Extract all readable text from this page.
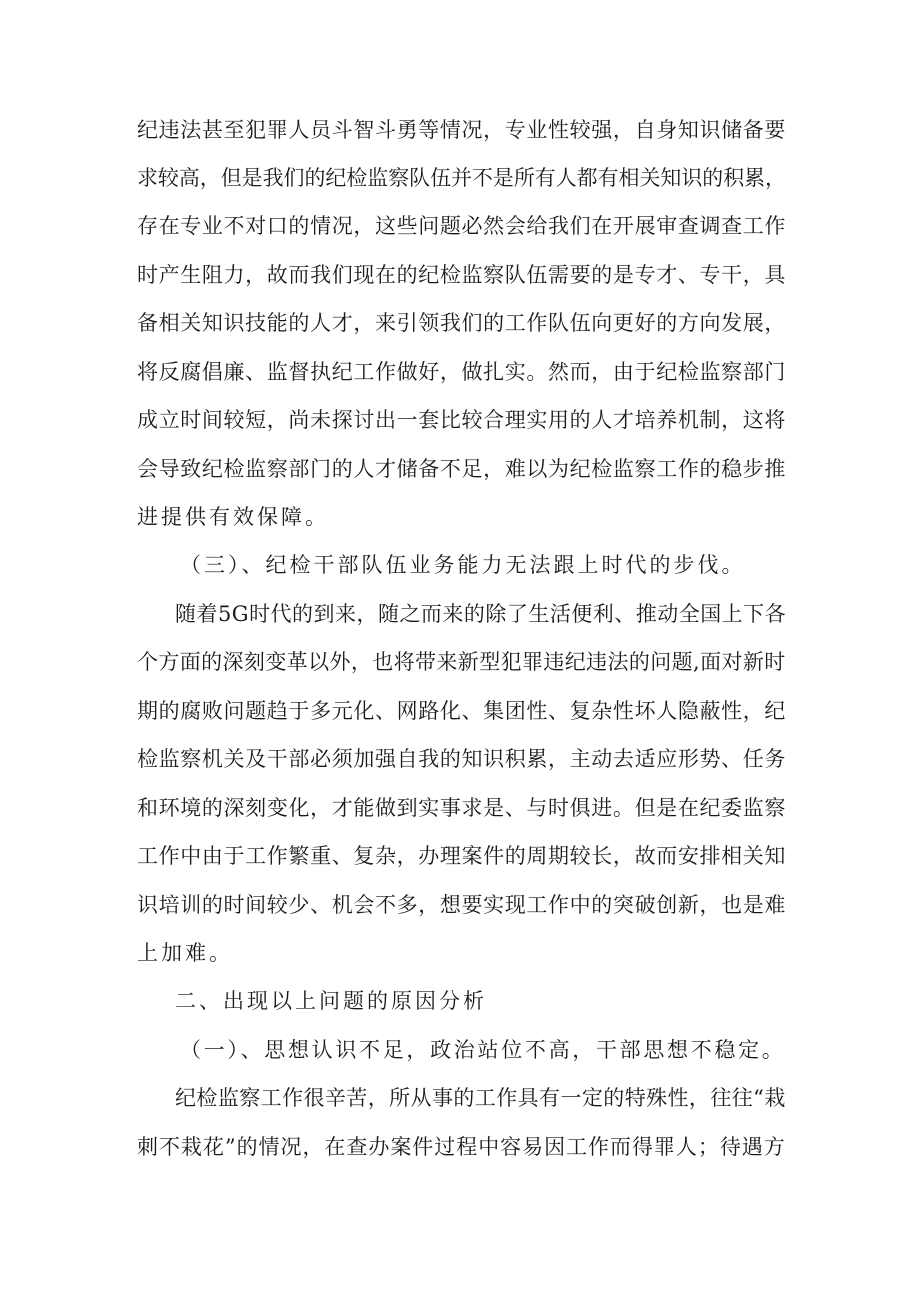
纪违法甚至犯罪人员斗智斗勇等情况，专业性较强，自身知识储备要
求较高，但是我们的纪检监察队伍并不是所有人都有相关知识的积累，
存在专业不对口的情况，这些问题必然会给我们在开展审查调查工作
时产生阻力，故而我们现在的纪检监察队伍需要的是专才、专干，具
备相关知识技能的人才，来引领我们的工作队伍向更好的方向发展，
将反腐倡廉、监督执纪工作做好，做扎实。然而，由于纪检监察部门
成立时间较短，尚未探讨出一套比较合理实用的人才培养机制，这将
会导致纪检监察部门的人才储备不足，难以为纪检监察工作的稳步推
进提供有效保障。
（三）、纪检干部队伍业务能力无法跟上时代的步伐。
随着5G时代的到来，随之而来的除了生活便利、推动全国上下各
个方面的深刻变革以外，也将带来新型犯罪违纪违法的问题,面对新时
期的腐败问题趋于多元化、网路化、集团性、复杂性坏人隐蔽性，纪
检监察机关及干部必须加强自我的知识积累，主动去适应形势、任务
和环境的深刻变化，才能做到实事求是、与时俱进。但是在纪委监察
工作中由于工作繁重、复杂，办理案件的周期较长，故而安排相关知
识培训的时间较少、机会不多，想要实现工作中的突破创新，也是难
上加难。
二、出现以上问题的原因分析
（一）、思想认识不足，政治站位不高，干部思想不稳定。
纪检监察工作很辛苦，所从事的工作具有一定的特殊性，往往“栽
刺不栽花”的情况，在查办案件过程中容易因工作而得罪人；待遇方
